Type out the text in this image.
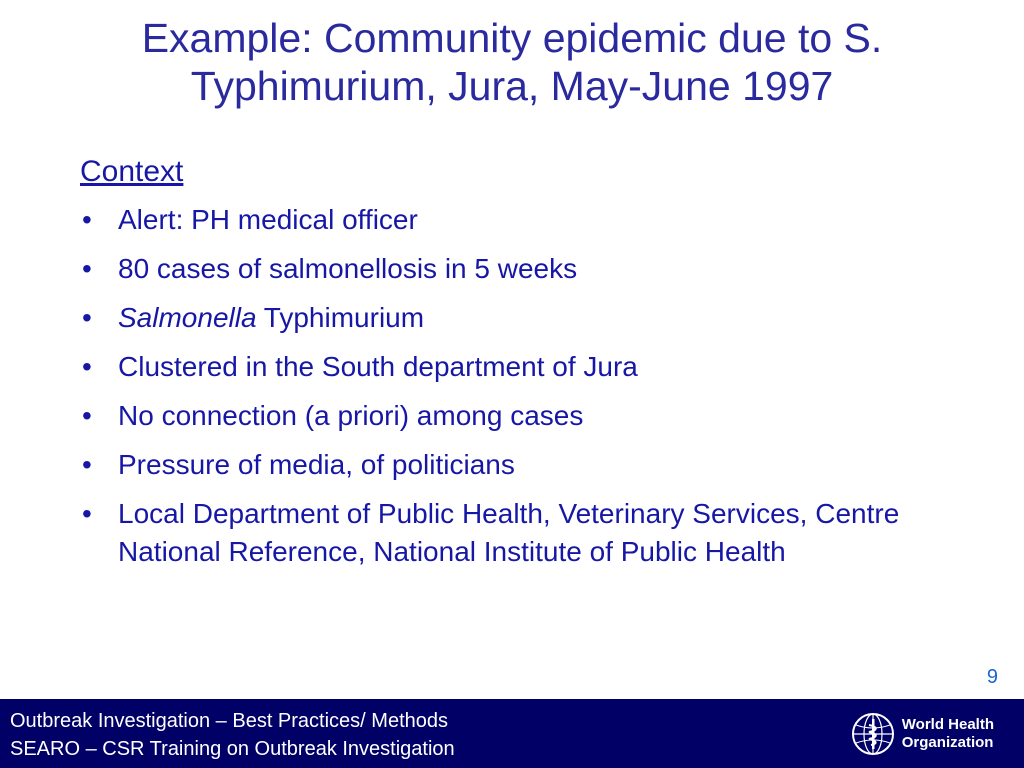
Example: Community epidemic due to S.
Typhimurium, Jura, May-June 1997
Context
• Alert: PH medical officer
• 80 cases of salmonellosis in 5 weeks
• Salmonella Typhimurium
• Clustered in the South department of Jura
• No connection (a priori) among cases
• Pressure of media, of politicians
• Local Department of Public Health, Veterinary Services, Centre National Reference, National Institute of Public Health
9
Outbreak Investigation – Best Practices/ Methods
SEARO – CSR Training on Outbreak Investigation
World Health
Organization
